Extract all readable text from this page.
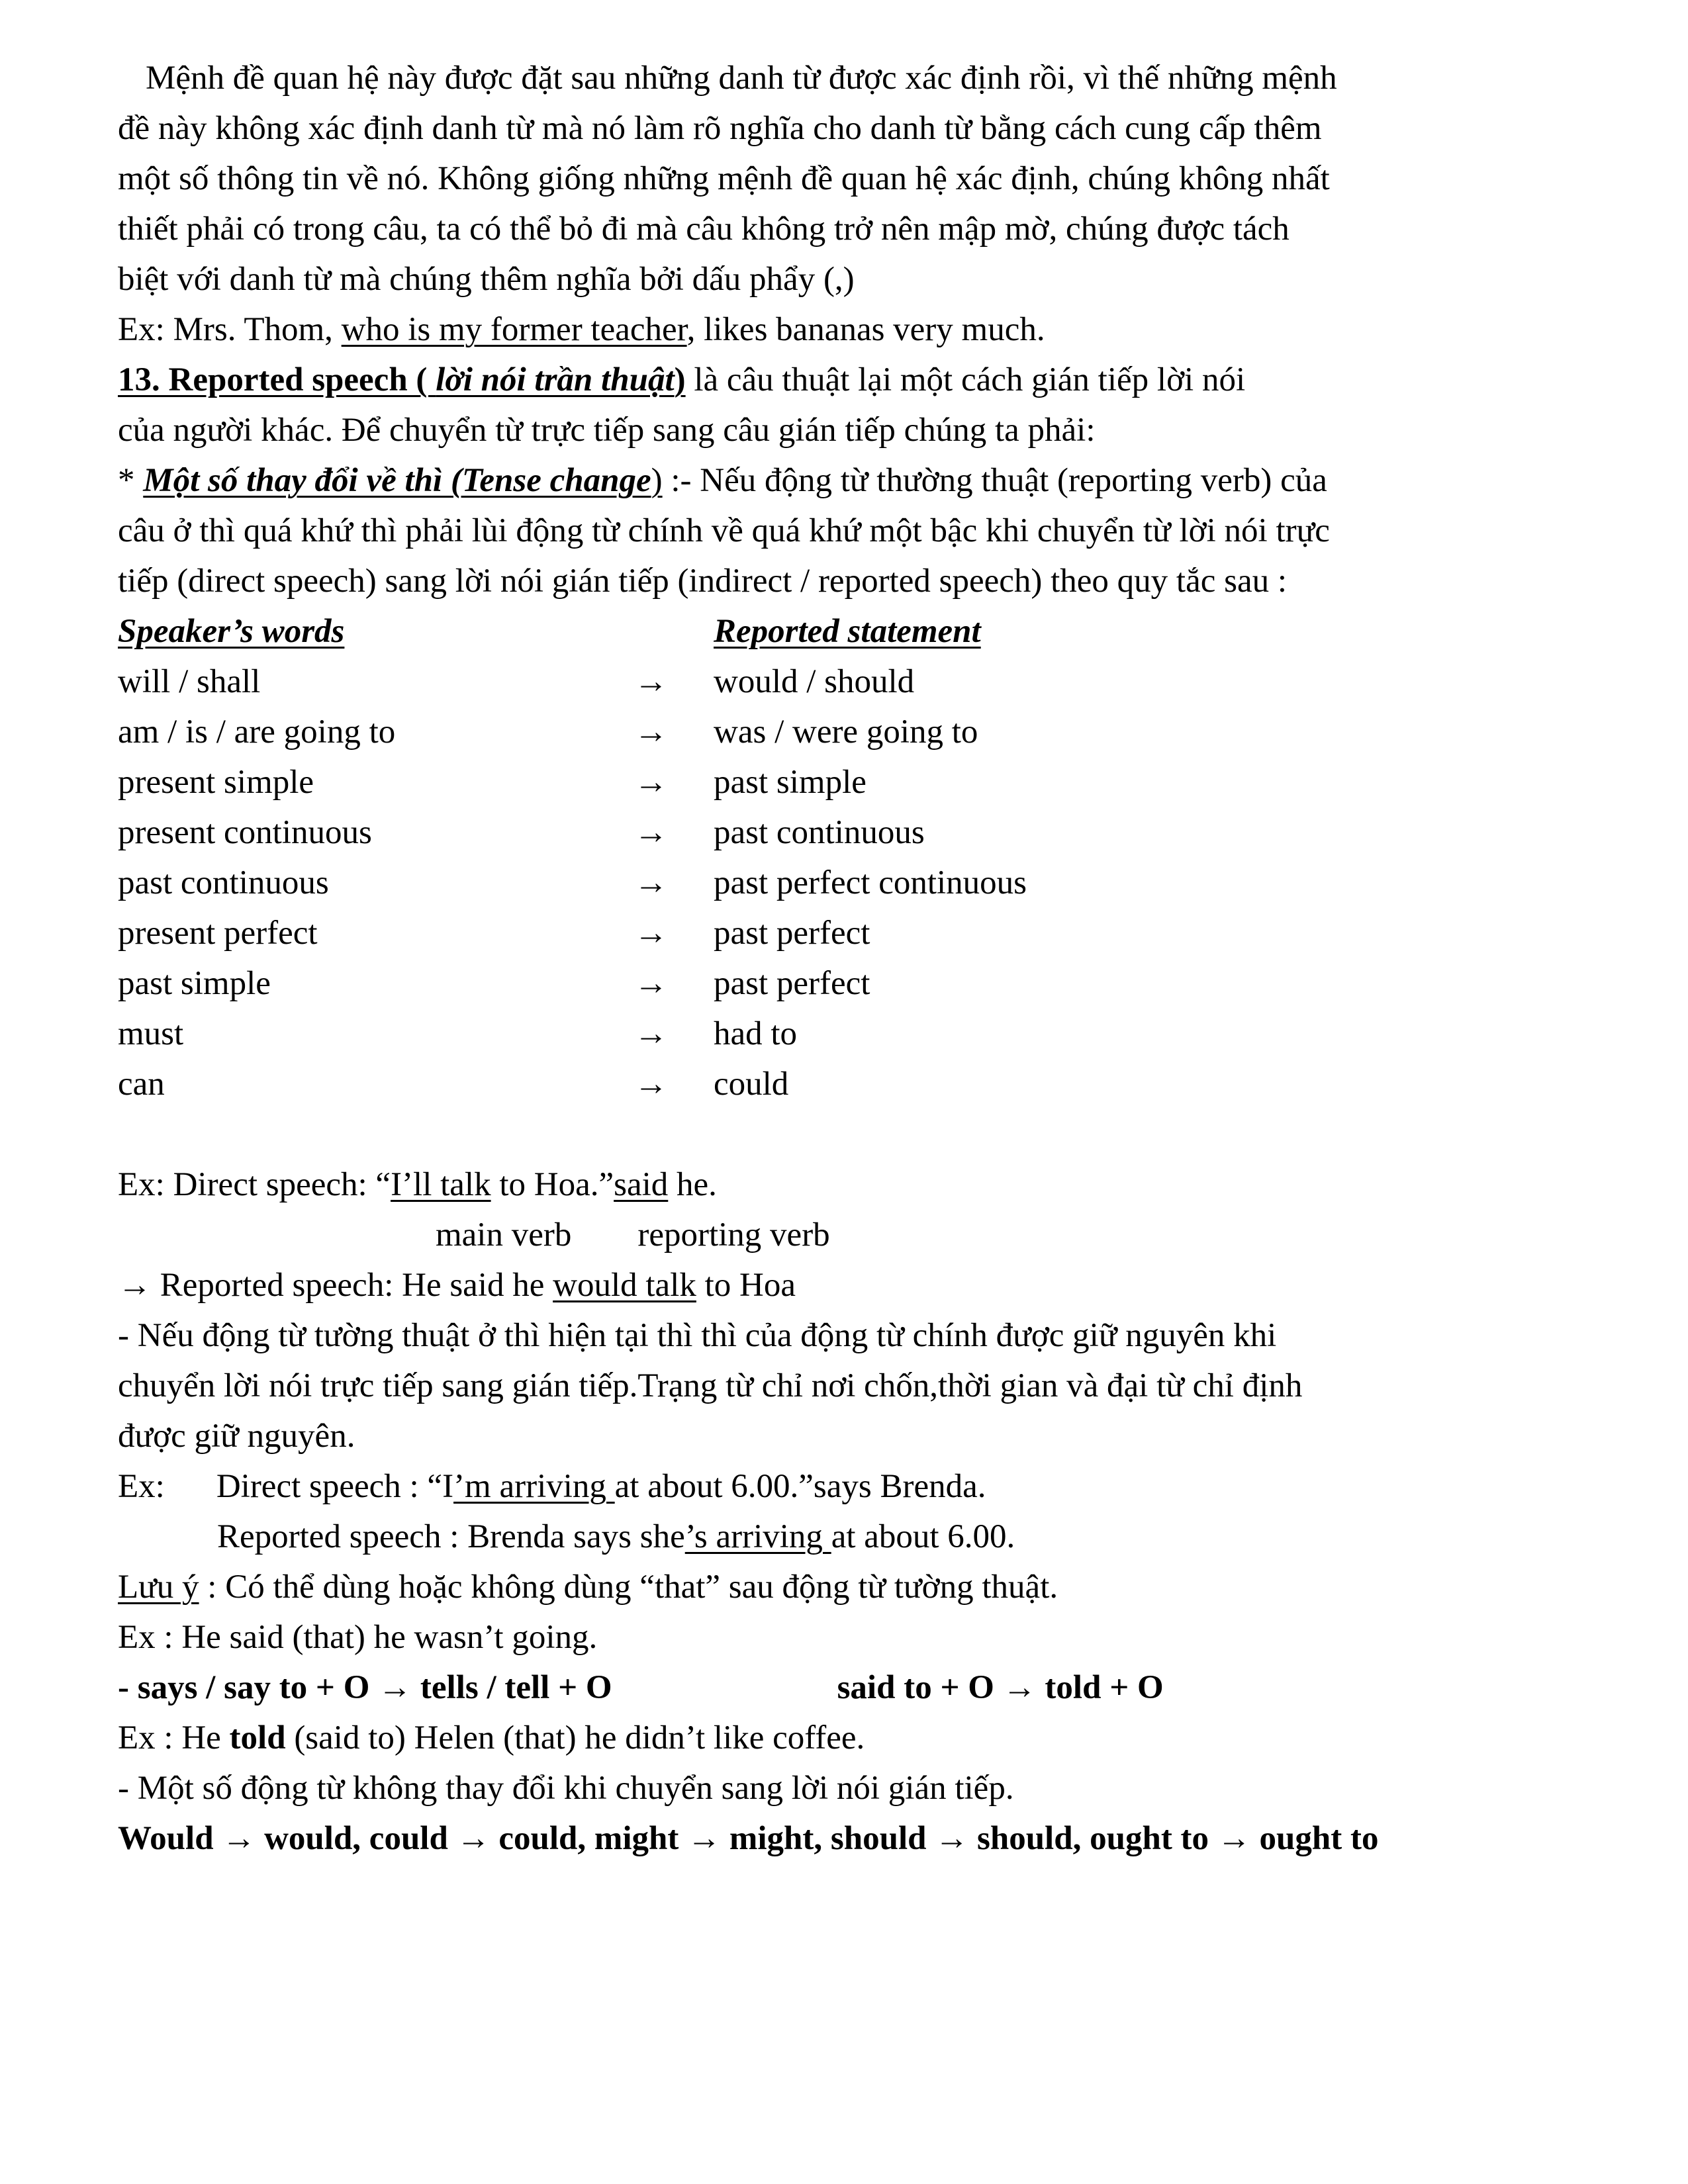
Mệnh đề quan hệ này được đặt sau những danh từ được xác định rồi, vì thế những mệnh

đề này không xác định danh từ mà nó làm rõ nghĩa cho danh từ bằng cách cung cấp thêm

một số thông tin về nó. Không giống những mệnh đề quan hệ xác định, chúng không nhất

thiết phải có trong câu, ta có thể bỏ đi mà câu không trở nên mập mờ, chúng được tách

biệt với danh từ mà chúng thêm nghĩa bởi dấu phẩy (,)

Ex: Mrs. Thom, who is my former teacher, likes bananas very much.

13. Reported speech ( lời nói trần thuật) là câu thuật lại một cách gián tiếp lời nói

của người khác. Để chuyển từ trực tiếp sang câu gián tiếp chúng ta phải:

* Một số thay đổi về thì (Tense change) :- Nếu động từ thường thuật (reporting verb) của

câu ở thì quá khứ thì phải lùi động từ chính về quá khứ một bậc khi chuyển từ lời nói trực

tiếp (direct speech) sang lời nói gián tiếp (indirect / reported speech) theo quy tắc sau :

Speaker’s words		Reported statement
will / shall	→	would / should
am / is / are going to	→	was / were going to
present simple	→	past simple
present continuous	→	past continuous
past continuous	→	past perfect continuous
present perfect	→	past perfect
past simple	→	past perfect
must	→	had to
can	→	could

Ex: Direct speech: “I’ll talk to Hoa.”said he.

main verb reporting verb

→ Reported speech: He said he would talk to Hoa

- Nếu động từ tường thuật ở thì hiện tại thì thì của động từ chính được giữ nguyên khi

chuyển lời nói trực tiếp sang gián tiếp.Trạng từ chỉ nơi chốn,thời gian và đại từ chỉ định

được giữ nguyên.

Ex: Direct speech : “I’m arriving at about 6.00.”says Brenda.

Reported speech : Brenda says she’s arriving at about 6.00.

Lưu ý : Có thể dùng hoặc không dùng “that” sau động từ tường thuật.

Ex : He said (that) he wasn’t going.

- says / say to + O → tells / tell + O	said to + O → told + O

Ex : He told (said to) Helen (that) he didn’t like coffee.

- Một số động từ không thay đổi khi chuyển sang lời nói gián tiếp.

Would → would, could → could, might → might, should → should, ought to → ought to
